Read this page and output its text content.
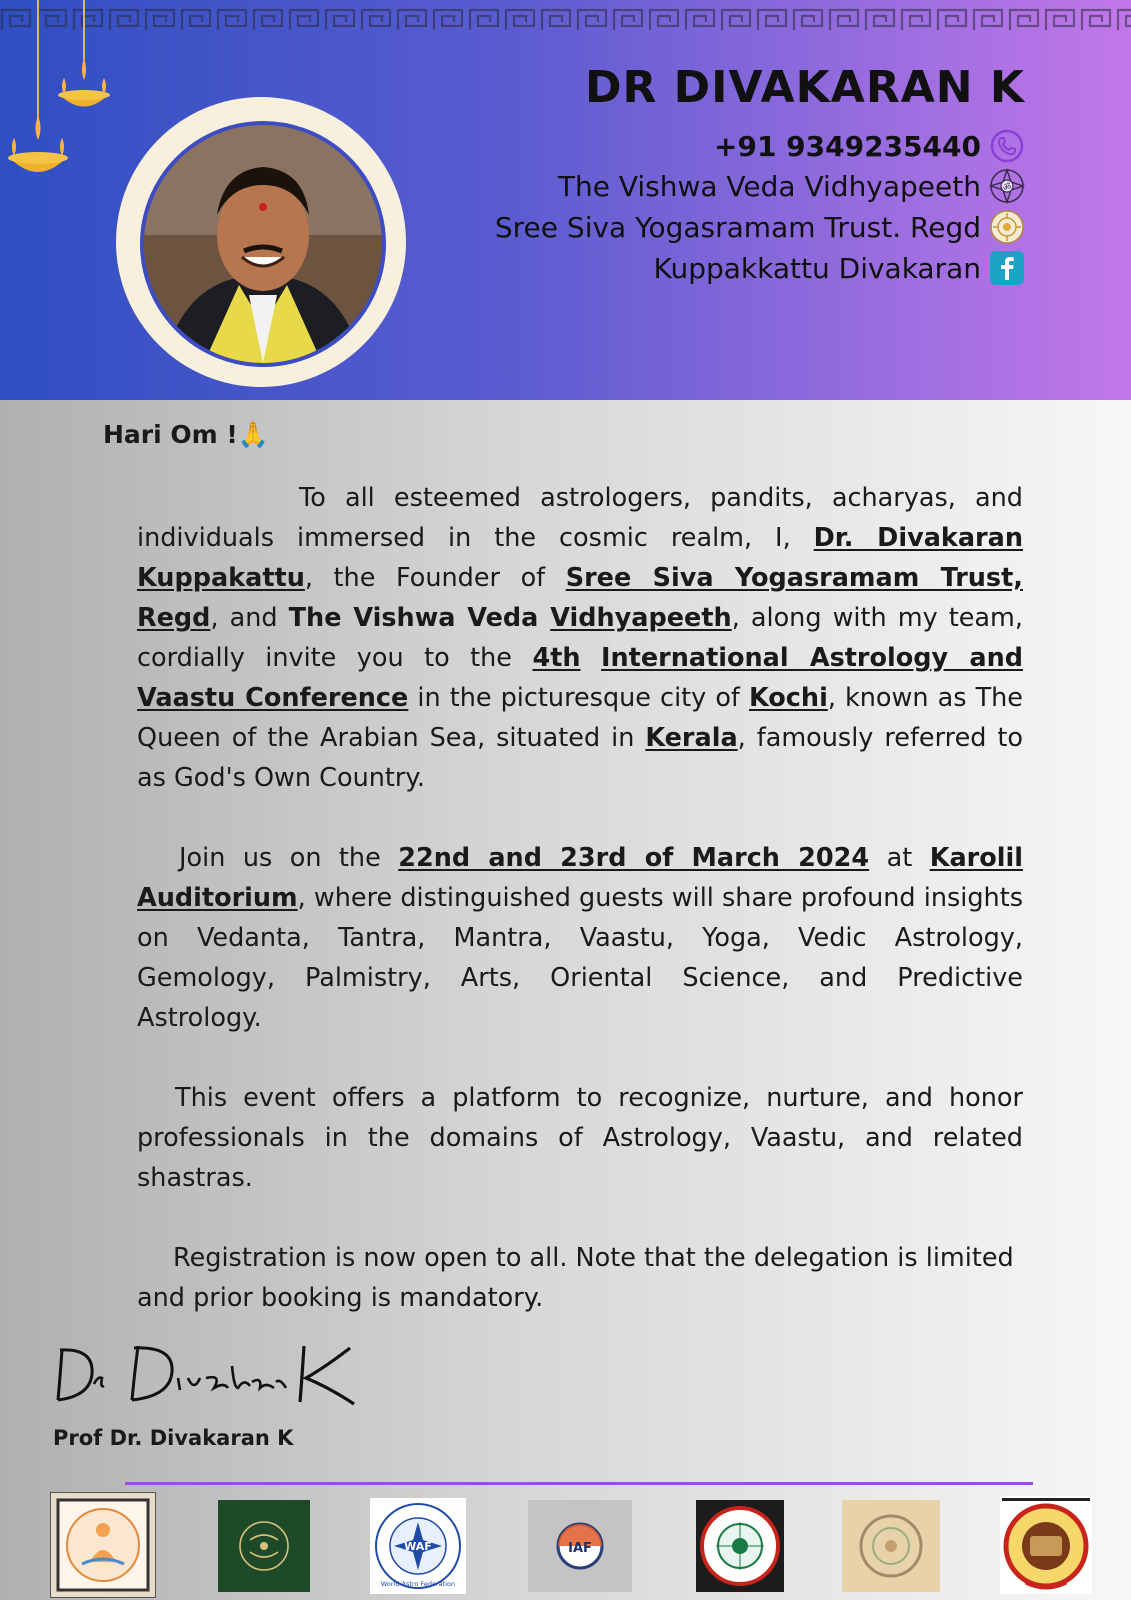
DR DIVAKARAN K
+91 9349235440
The Vishwa Veda Vidhyapeeth ॐ
Sree Siva Yogasramam Trust. Regd
Kuppakkattu Divakaran
Hari Om !🙏

To all esteemed astrologers, pandits, acharyas, and individuals immersed in the cosmic realm, I, Dr. Divakaran Kuppakattu, the Founder of Sree Siva Yogasramam Trust, Regd, and The Vishwa Veda Vidhyapeeth, along with my team, cordially invite you to the 4th International Astrology and Vaastu Conference in the picturesque city of Kochi, known as The Queen of the Arabian Sea, situated in Kerala, famously referred to as God's Own Country.

Join us on the 22nd and 23rd of March 2024 at Karolil Auditorium, where distinguished guests will share profound insights on Vedanta, Tantra, Mantra, Vaastu, Yoga, Vedic Astrology, Gemology, Palmistry, Arts, Oriental Science, and Predictive Astrology.

This event offers a platform to recognize, nurture, and honor professionals in the domains of Astrology, Vaastu, and related shastras.

Registration is now open to all. Note that the delegation is limited and prior booking is mandatory.

Prof Dr. Divakaran K
WAF
World Astro Federation
IAF
